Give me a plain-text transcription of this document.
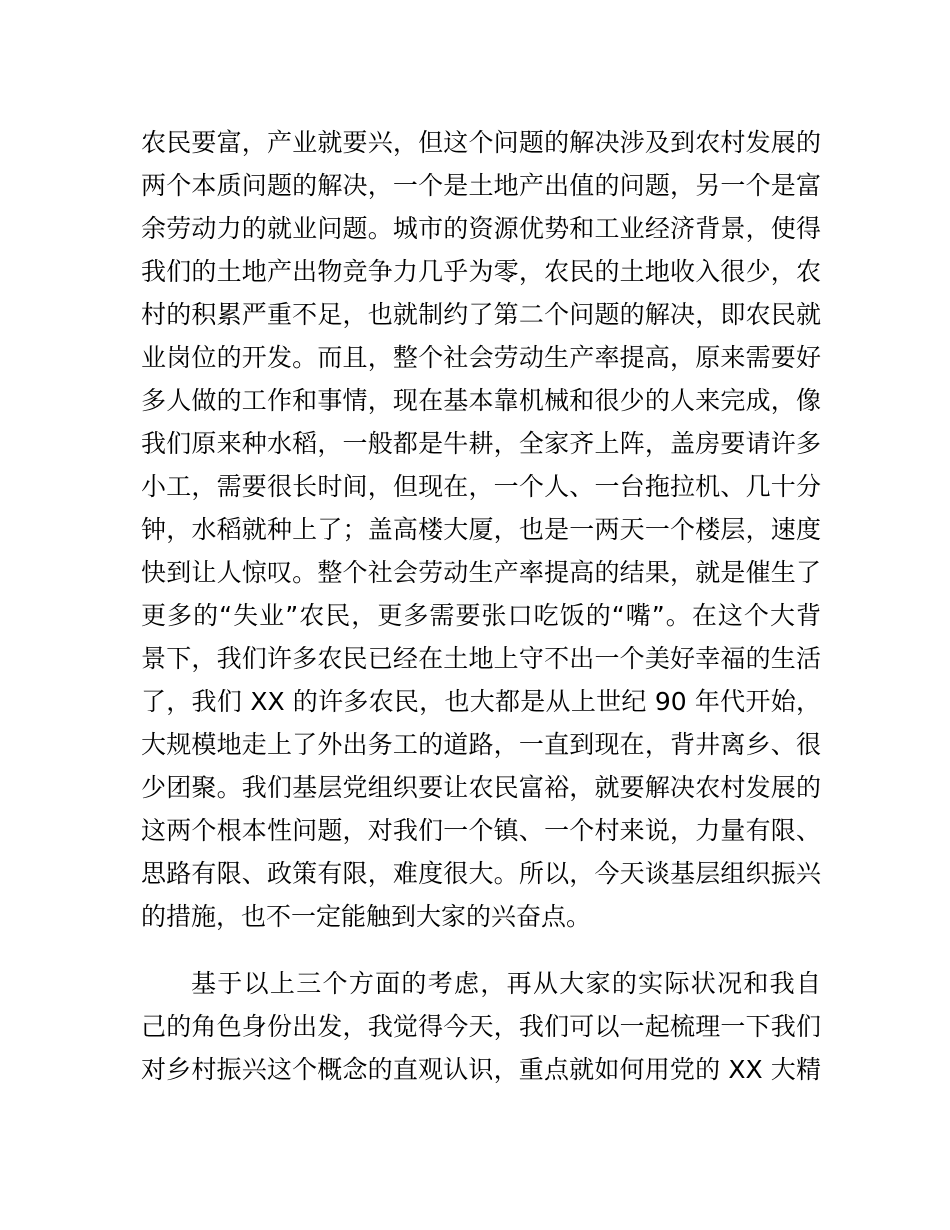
农民要富，产业就要兴，但这个问题的解决涉及到农村发展的
两个本质问题的解决，一个是土地产出值的问题，另一个是富
余劳动力的就业问题。城市的资源优势和工业经济背景，使得
我们的土地产出物竞争力几乎为零，农民的土地收入很少，农
村的积累严重不足，也就制约了第二个问题的解决，即农民就
业岗位的开发。而且，整个社会劳动生产率提高，原来需要好
多人做的工作和事情，现在基本靠机械和很少的人来完成，像
我们原来种水稻，一般都是牛耕，全家齐上阵，盖房要请许多
小工，需要很长时间，但现在，一个人、一台拖拉机、几十分
钟，水稻就种上了；盖高楼大厦，也是一两天一个楼层，速度
快到让人惊叹。整个社会劳动生产率提高的结果，就是催生了
更多的“失业”农民，更多需要张口吃饭的“嘴”。在这个大背
景下，我们许多农民已经在土地上守不出一个美好幸福的生活
了，我们 XX 的许多农民，也大都是从上世纪 90 年代开始，
大规模地走上了外出务工的道路，一直到现在，背井离乡、很
少团聚。我们基层党组织要让农民富裕，就要解决农村发展的
这两个根本性问题，对我们一个镇、一个村来说，力量有限、
思路有限、政策有限，难度很大。所以，今天谈基层组织振兴
的措施，也不一定能触到大家的兴奋点。
基于以上三个方面的考虑，再从大家的实际状况和我自
己的角色身份出发，我觉得今天，我们可以一起梳理一下我们
对乡村振兴这个概念的直观认识，重点就如何用党的 XX 大精
